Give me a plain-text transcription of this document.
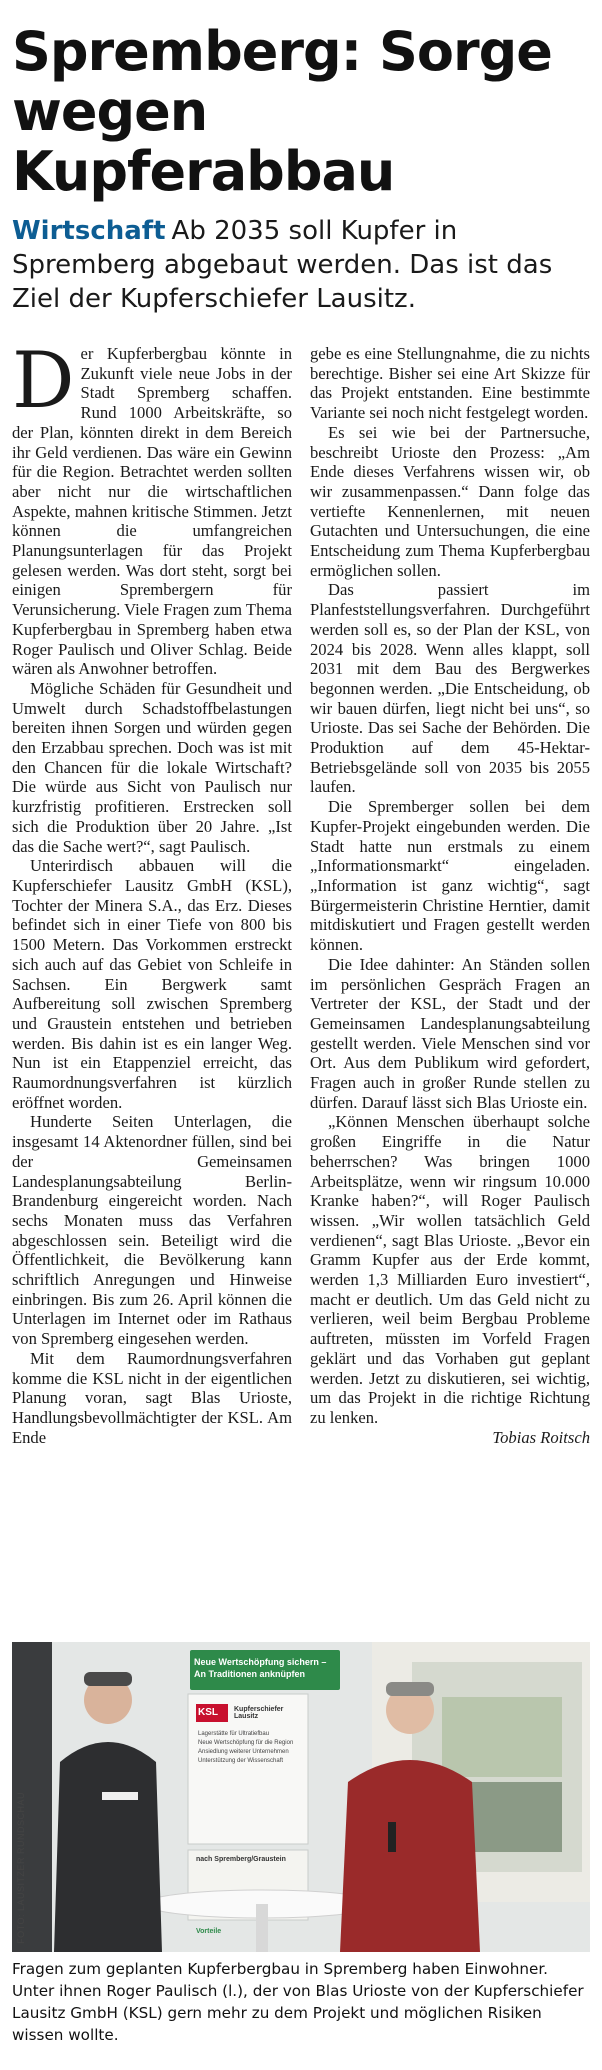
Spremberg: Sorge wegen Kupferabbau

Wirtschaft Ab 2035 soll Kupfer in Spremberg abgebaut werden. Das ist das Ziel der Kupferschiefer Lausitz.

Der Kupferbergbau könnte in Zukunft viele neue Jobs in der Stadt Spremberg schaffen. Rund 1000 Arbeitskräfte, so der Plan, könnten direkt in dem Bereich ihr Geld verdienen. Das wäre ein Gewinn für die Region. Betrachtet werden sollten aber nicht nur die wirtschaftlichen Aspekte, mahnen kritische Stimmen. Jetzt können die umfangreichen Planungsunterlagen für das Projekt gelesen werden. Was dort steht, sorgt bei einigen Sprembergern für Verunsicherung. Viele Fragen zum Thema Kupferbergbau in Spremberg haben etwa Roger Paulisch und Oliver Schlag. Beide wären als Anwohner betroffen.

Mögliche Schäden für Gesundheit und Umwelt durch Schadstoffbelastungen bereiten ihnen Sorgen und würden gegen den Erzabbau sprechen. Doch was ist mit den Chancen für die lokale Wirtschaft? Die würde aus Sicht von Paulisch nur kurzfristig profitieren. Erstrecken soll sich die Produktion über 20 Jahre. „Ist das die Sache wert?“, sagt Paulisch.

Unterirdisch abbauen will die Kupferschiefer Lausitz GmbH (KSL), Tochter der Minera S.A., das Erz. Dieses befindet sich in einer Tiefe von 800 bis 1500 Metern. Das Vorkommen erstreckt sich auch auf das Gebiet von Schleife in Sachsen. Ein Bergwerk samt Aufbereitung soll zwischen Spremberg und Graustein entstehen und betrieben werden. Bis dahin ist es ein langer Weg. Nun ist ein Etappenziel erreicht, das Raumordnungsverfahren ist kürzlich eröffnet worden.

Hunderte Seiten Unterlagen, die insgesamt 14 Aktenordner füllen, sind bei der Gemeinsamen Landesplanungsabteilung Berlin-Brandenburg eingereicht worden. Nach sechs Monaten muss das Verfahren abgeschlossen sein. Beteiligt wird die Öffentlichkeit, die Bevölkerung kann schriftlich Anregungen und Hinweise einbringen. Bis zum 26. April können die Unterlagen im Internet oder im Rathaus von Spremberg eingesehen werden.

Mit dem Raumordnungsverfahren komme die KSL nicht in der eigentlichen Planung voran, sagt Blas Urioste, Handlungsbevollmächtigter der KSL. Am Ende

gebe es eine Stellungnahme, die zu nichts berechtige. Bisher sei eine Art Skizze für das Projekt entstanden. Eine bestimmte Variante sei noch nicht festgelegt worden.

Es sei wie bei der Partnersuche, beschreibt Urioste den Prozess: „Am Ende dieses Verfahrens wissen wir, ob wir zusammenpassen.“ Dann folge das vertiefte Kennenlernen, mit neuen Gutachten und Untersuchungen, die eine Entscheidung zum Thema Kupferbergbau ermöglichen sollen.

Das passiert im Planfeststellungsverfahren. Durchgeführt werden soll es, so der Plan der KSL, von 2024 bis 2028. Wenn alles klappt, soll 2031 mit dem Bau des Bergwerkes begonnen werden. „Die Entscheidung, ob wir bauen dürfen, liegt nicht bei uns“, so Urioste. Das sei Sache der Behörden. Die Produktion auf dem 45-Hektar-Betriebsgelände soll von 2035 bis 2055 laufen.

Die Spremberger sollen bei dem Kupfer-Projekt eingebunden werden. Die Stadt hatte nun erstmals zu einem „Informationsmarkt“ eingeladen. „Information ist ganz wichtig“, sagt Bürgermeisterin Christine Herntier, damit mitdiskutiert und Fragen gestellt werden können.

Die Idee dahinter: An Ständen sollen im persönlichen Gespräch Fragen an Vertreter der KSL, der Stadt und der Gemeinsamen Landesplanungsabteilung gestellt werden. Viele Menschen sind vor Ort. Aus dem Publikum wird gefordert, Fragen auch in großer Runde stellen zu dürfen. Darauf lässt sich Blas Urioste ein.

„Können Menschen überhaupt solche großen Eingriffe in die Natur beherrschen? Was bringen 1000 Arbeitsplätze, wenn wir ringsum 10.000 Kranke haben?“, will Roger Paulisch wissen. „Wir wollen tatsächlich Geld verdienen“, sagt Blas Urioste. „Bevor ein Gramm Kupfer aus der Erde kommt, werden 1,3 Milliarden Euro investiert“, macht er deutlich. Um das Geld nicht zu verlieren, weil beim Bergbau Probleme auftreten, müssten im Vorfeld Fragen geklärt und das Vorhaben gut geplant werden. Jetzt zu diskutieren, sei wichtig, um das Projekt in die richtige Richtung zu lenken.

Tobias Roitsch

Neue Wertschöpfung sichern – An Traditionen anknüpfen
KSL Kupferschiefer Lausitz
Lagerstätte für Ultratiefbau
Neue Wertschöpfung für die Region
Ansiedlung weiterer Unternehmen
Unterstützung der Wissenschaft
nach Spremberg/Graustein
Vorteile
FOTO: LAUSITZER RUNDSCHAU

Fragen zum geplanten Kupferbergbau in Spremberg haben Einwohner. Unter ihnen Roger Paulisch (l.), der von Blas Urioste von der Kupferschiefer Lausitz GmbH (KSL) gern mehr zu dem Projekt und möglichen Risiken wissen wollte.
